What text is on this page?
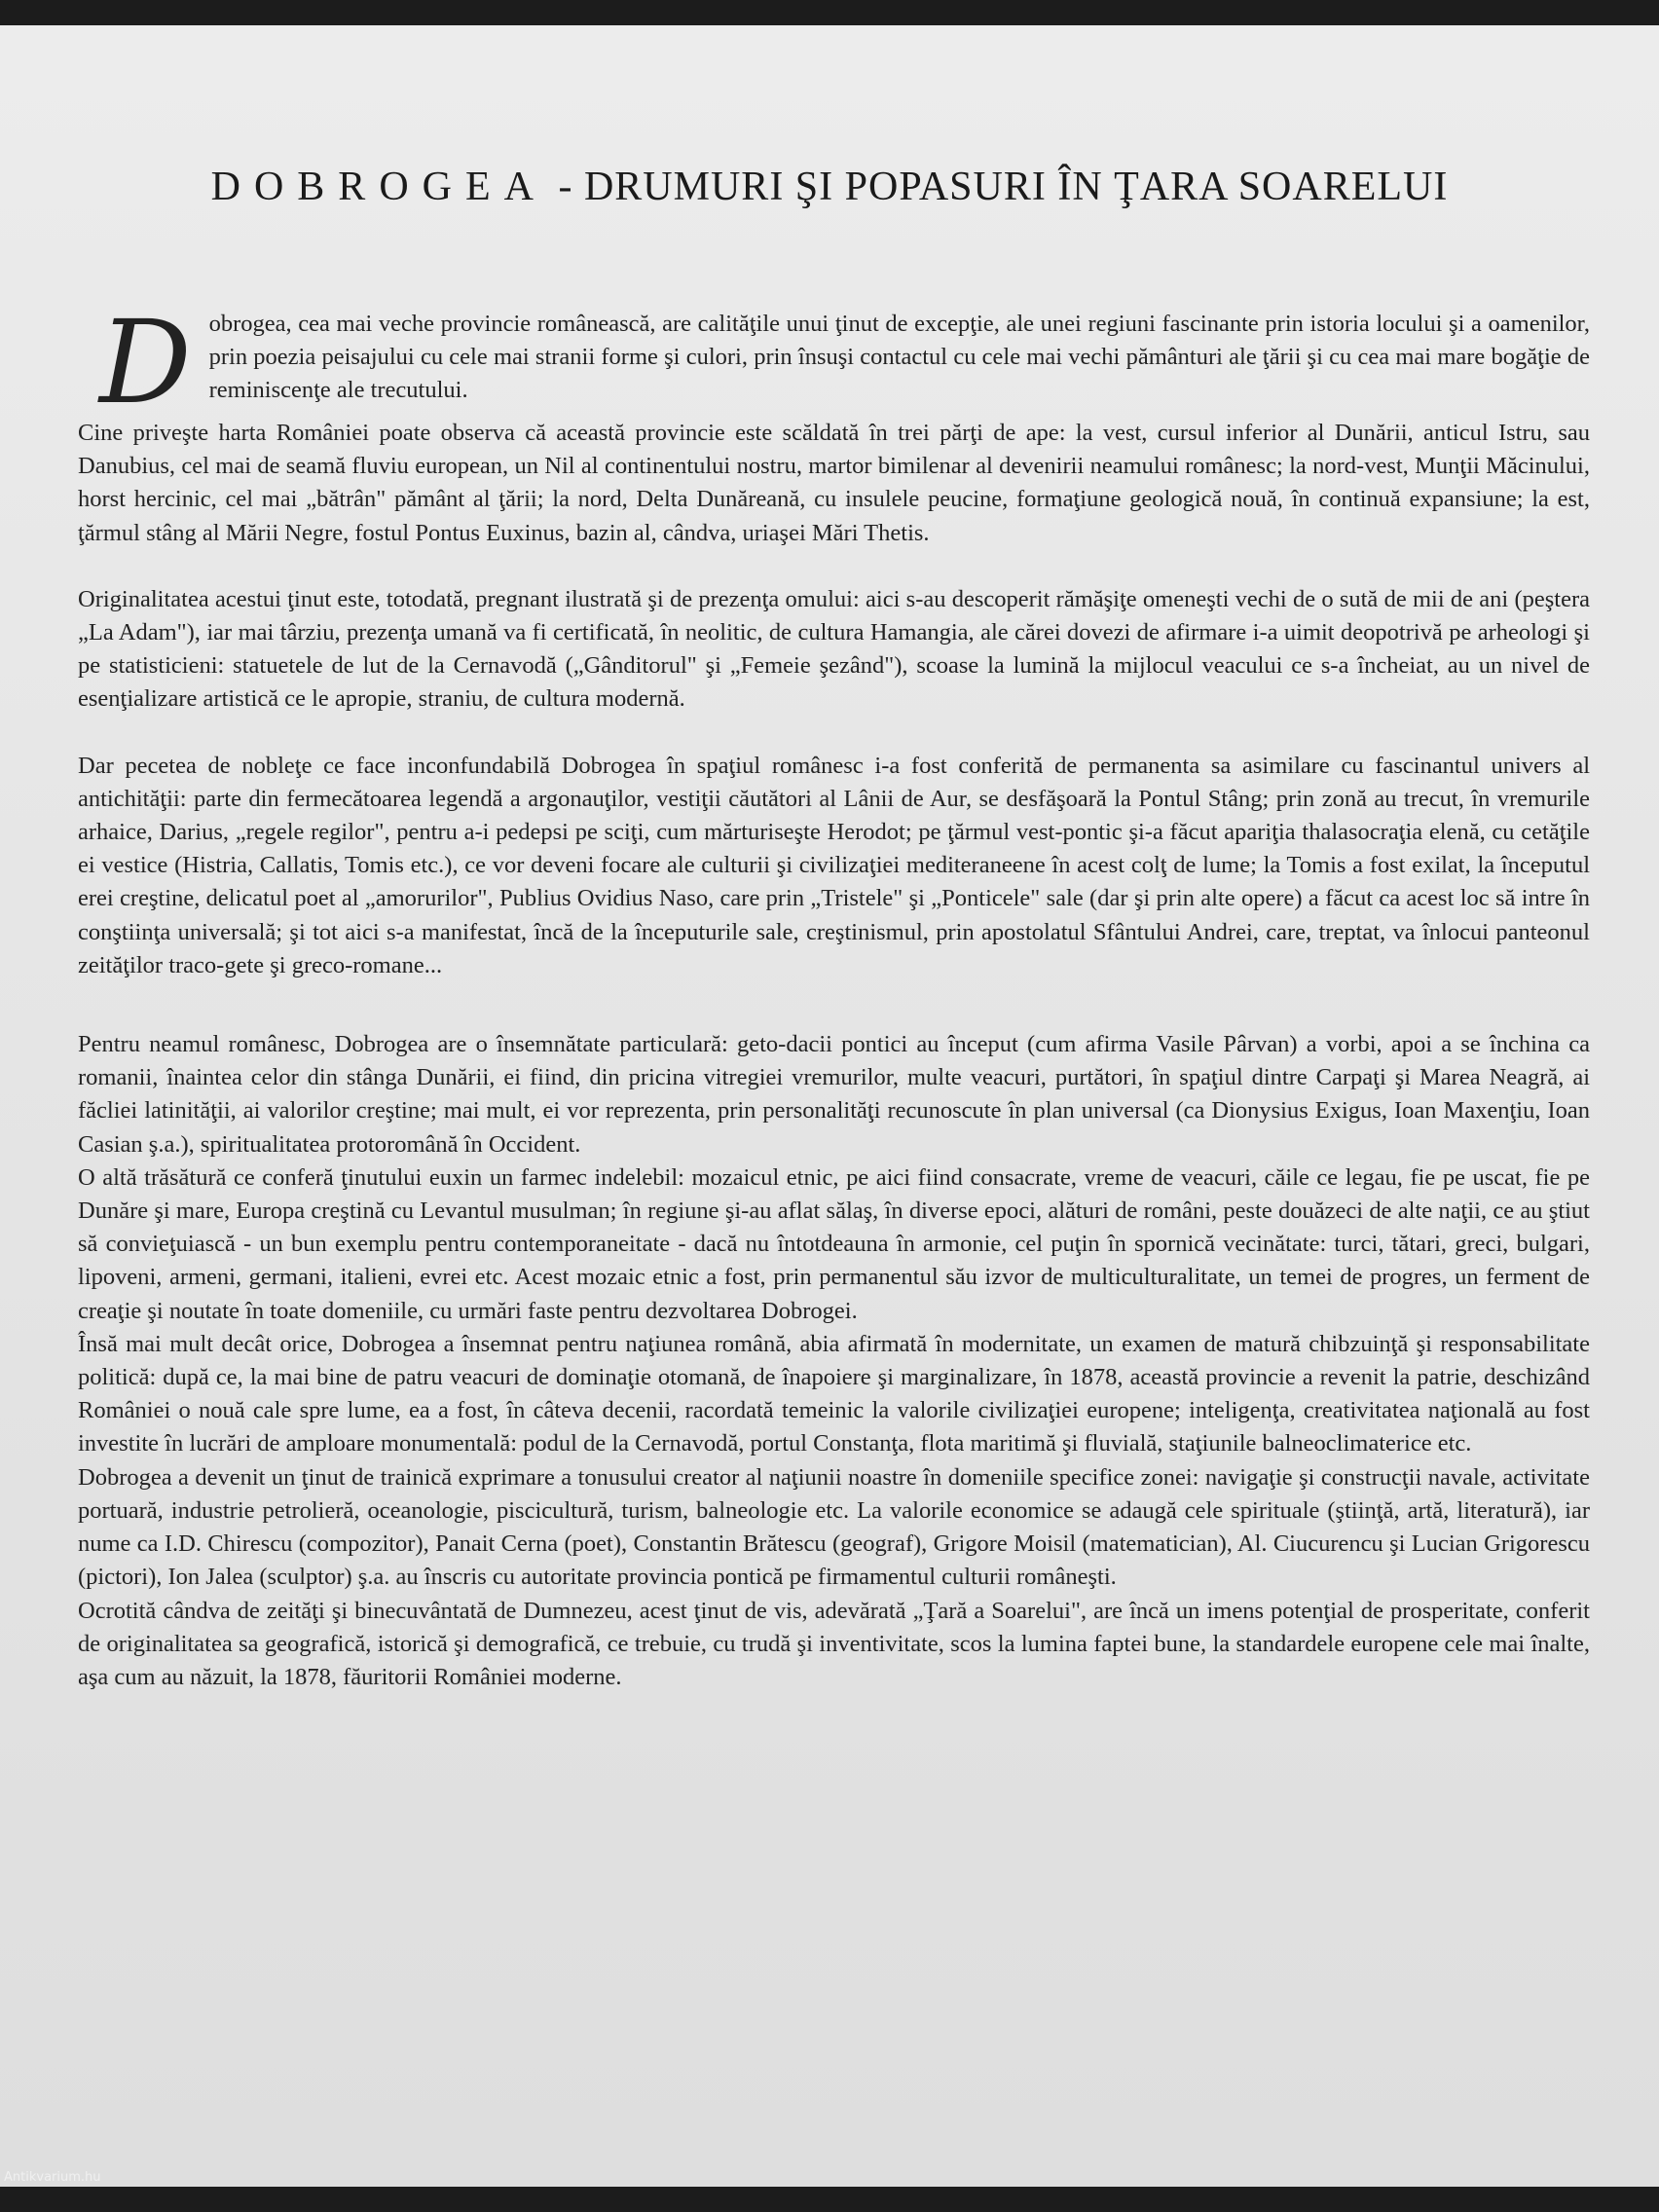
DOBROGEA - DRUMURI ŞI POPASURI ÎN ŢARA SOAREL​UI

Dobrogea, cea mai veche provincie românească, are calităţile unui ţinut de excepţie, ale unei regiuni fascinante prin istoria locului şi a oamenilor, prin poezia peisajului cu cele mai stranii forme şi culori, prin însuşi contactul cu cele mai vechi pământuri ale ţării şi cu cea mai mare bogăţie de reminiscenţe ale trecutului.

Cine priveşte harta României poate observa că această provincie este scăldată în trei părţi de ape: la vest, cursul inferior al Dunării, anticul Istru, sau Danubius, cel mai de seamă fluviu european, un Nil al continentului nostru, martor bimilenar al devenirii neamului românesc; la nord-vest, Munţii Măcinului, horst hercinic, cel mai „bătrân" pământ al ţării; la nord, Delta Dunăreană, cu insulele peucine, formaţiune geologică nouă, în continuă expansiune; la est, ţărmul stâng al Mării Negre, fostul Pontus Euxinus, bazin al, cândva, uriaşei Mări Thetis.

Originalitatea acestui ţinut este, totodată, pregnant ilustrată şi de prezenţa omului: aici s-au descoperit rămăşiţe omeneşti vechi de o sută de mii de ani (peştera „La Adam"), iar mai târziu, prezenţa umană va fi certificată, în neolitic, de cultura Hamangia, ale cărei dovezi de afirmare i-a uimit deopotrivă pe arheologi şi pe statisticieni: statuetele de lut de la Cernavodă („Gânditorul" şi „Femeie şezând"), scoase la lumină la mijlocul veacului ce s-a încheiat, au un nivel de esenţializare artistică ce le apropie, straniu, de cultura modernă.

Dar pecetea de nobleţe ce face inconfundabilă Dobrogea în spaţiul românesc i-a fost conferită de permanenta sa asimilare cu fascinantul univers al antichităţii: parte din fermecătoarea legendă a argonauţilor, vestiţii căutători al Lânii de Aur, se desfăşoară la Pontul Stâng; prin zonă au trecut, în vremurile arhaice, Darius, „regele regilor", pentru a-i pedepsi pe sciţi, cum mărturiseşte Herodot; pe ţărmul vest-pontic şi-a făcut apariţia thalasocraţia elenă, cu cetăţile ei vestice (Histria, Callatis, Tomis etc.), ce vor deveni focare ale culturii şi civilizaţiei mediteraneene în acest colţ de lume; la Tomis a fost exilat, la începutul erei creştine, delicatul poet al „amorurilor", Publius Ovidius Naso, care prin „Tristele" şi „Ponticele" sale (dar şi prin alte opere) a făcut ca acest loc să intre în conştiinţa universală; şi tot aici s-a manifestat, încă de la începuturile sale, creştinismul, prin apostolatul Sfântului Andrei, care, treptat, va înlocui panteonul zeităţilor traco-gete şi greco-romane...

Pentru neamul românesc, Dobrogea are o însemnătate particulară: geto-dacii pontici au început (cum afirma Vasile Pârvan) a vorbi, apoi a se închina ca romanii, înaintea celor din stânga Dunării, ei fiind, din pricina vitregiei vremurilor, multe veacuri, purtători, în spaţiul dintre Carpaţi şi Marea Neagră, ai făcliei latinităţii, ai valorilor creştine; mai mult, ei vor reprezenta, prin personalităţi recunoscute în plan universal (ca Dionysius Exigus, Ioan Maxenţiu, Ioan Casian ş.a.), spiritualitatea protoromână în Occident.

O altă trăsătură ce conferă ţinutului euxin un farmec indelebil: mozaicul etnic, pe aici fiind consacrate, vreme de veacuri, căile ce legau, fie pe uscat, fie pe Dunăre şi mare, Europa creştină cu Levantul musulman; în regiune şi-au aflat sălaş, în diverse epoci, alături de români, peste douăzeci de alte naţii, ce au ştiut să convieţuiască - un bun exemplu pentru contemporaneitate - dacă nu întotdeauna în armonie, cel puţin în spornică vecinătate: turci, tătari, greci, bulgari, lipoveni, armeni, germani, italieni, evrei etc. Acest mozaic etnic a fost, prin permanentul său izvor de multiculturalitate, un temei de progres, un ferment de creaţie şi noutate în toate domeniile, cu urmări faste pentru dezvoltarea Dobrogei.

Însă mai mult decât orice, Dobrogea a însemnat pentru naţiunea română, abia afirmată în modernitate, un examen de matură chibzuinţă şi responsabilitate politică: după ce, la mai bine de patru veacuri de dominaţie otomană, de înapoiere şi marginalizare, în 1878, această provincie a revenit la patrie, deschizând României o nouă cale spre lume, ea a fost, în câteva decenii, racordată temeinic la valorile civilizaţiei europene; inteligenţa, creativitatea naţională au fost investite în lucrări de amploare monumentală: podul de la Cernavodă, portul Constanţa, flota maritimă şi fluvială, staţiunile balneoclimaterice etc.

Dobrogea a devenit un ţinut de trainică exprimare a tonusului creator al naţiunii noastre în domeniile specifice zonei: navigaţie şi construcţii navale, activitate portuară, industrie petrolieră, oceanologie, piscicultură, turism, balneologie etc. La valorile economice se adaugă cele spirituale (ştiinţă, artă, literatură), iar nume ca I.D. Chirescu (compozitor), Panait Cerna (poet), Constantin Brătescu (geograf), Grigore Moisil (matematician), Al. Ciucurencu şi Lucian Grigorescu (pictori), Ion Jalea (sculptor) ş.a. au înscris cu autoritate provincia pontică pe firmamentul culturii româneşti.

Ocrotită cândva de zeităţi şi binecuvântată de Dumnezeu, acest ţinut de vis, adevărată „Ţară a Soarelui", are încă un imens potenţial de prosperitate, conferit de originalitatea sa geografică, istorică şi demografică, ce trebuie, cu trudă şi inventivitate, scos la lumina faptei bune, la standardele europene cele mai înalte, aşa cum au năzuit, la 1878, făuritorii României moderne.

Antikvarium.hu
